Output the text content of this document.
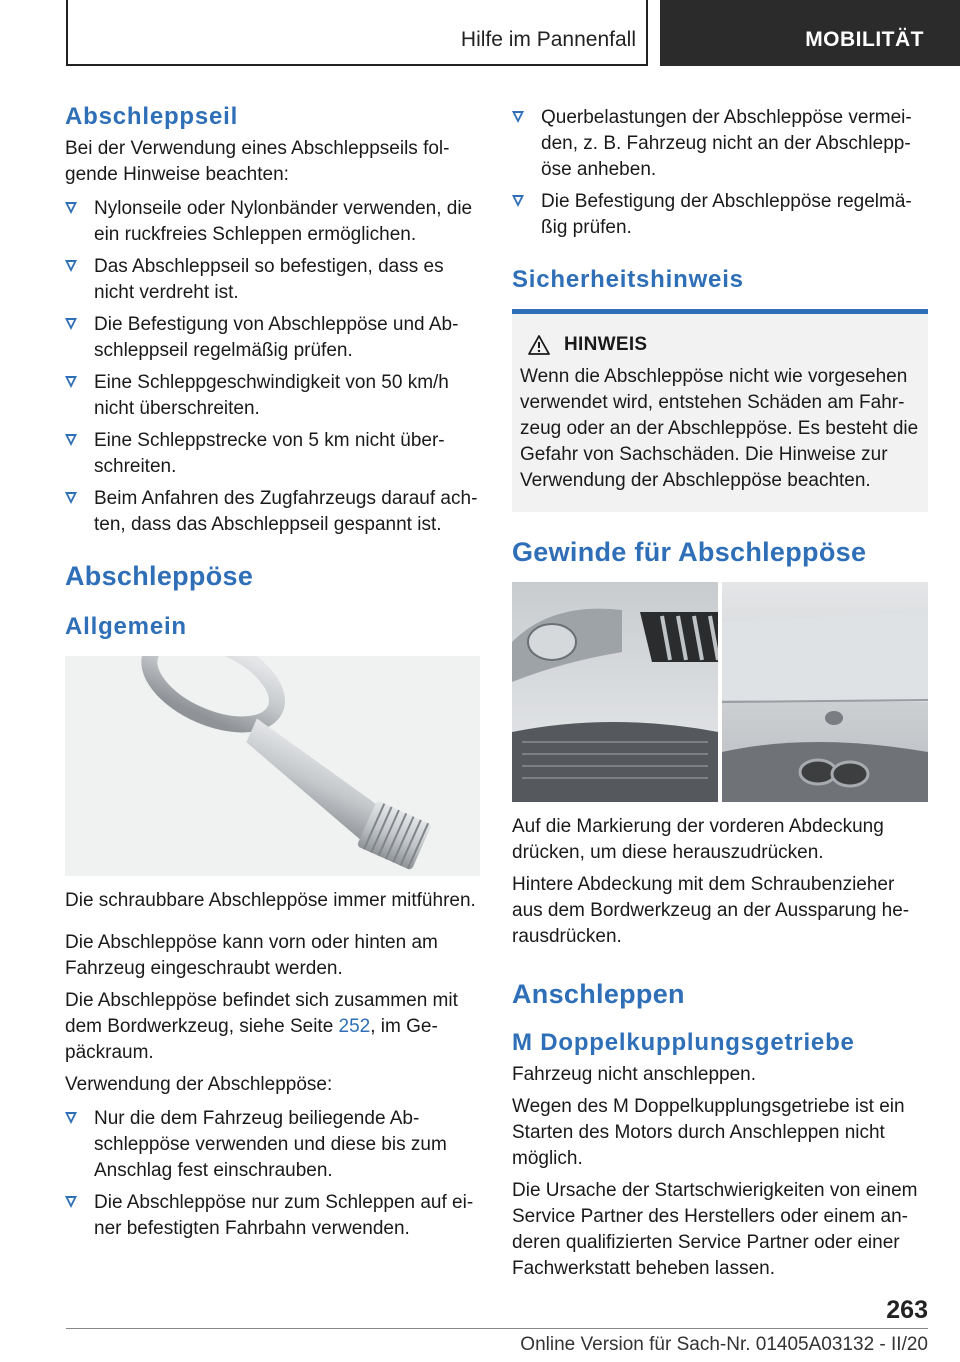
Hilfe im Pannenfall	MOBILITÄT
Abschleppseil

Bei der Verwendung eines Abschleppseils fol-gende Hinweise beachten:

Nylonseile oder Nylonbänder verwenden, die ein ruckfreies Schleppen ermöglichen.
Das Abschleppseil so befestigen, dass es nicht verdreht ist.
Die Befestigung von Abschleppöse und Ab-schleppseil regelmäßig prüfen.
Eine Schleppgeschwindigkeit von 50 km/h nicht überschreiten.
Eine Schleppstrecke von 5 km nicht über-schreiten.
Beim Anfahren des Zugfahrzeugs darauf ach-ten, dass das Abschleppseil gespannt ist.
Abschleppöse
Allgemein

Die schraubbare Abschleppöse immer mitführen.

Die Abschleppöse kann vorn oder hinten am Fahrzeug eingeschraubt werden.

Die Abschleppöse befindet sich zusammen mit dem Bordwerkzeug, siehe Seite 252, im Ge-päckraum.

Verwendung der Abschleppöse:

Nur die dem Fahrzeug beiliegende Ab-schleppöse verwenden und diese bis zum Anschlag fest einschrauben.
Die Abschleppöse nur zum Schleppen auf ei-ner befestigten Fahrbahn verwenden.
Querbelastungen der Abschleppöse vermei-den, z. B. Fahrzeug nicht an der Abschlepp-öse anheben.
Die Befestigung der Abschleppöse regelmä-ßig prüfen.
Sicherheitshinweis
HINWEIS

Wenn die Abschleppöse nicht wie vorgesehen verwendet wird, entstehen Schäden am Fahr-zeug oder an der Abschleppöse. Es besteht die Gefahr von Sachschäden. Die Hinweise zur Verwendung der Abschleppöse beachten.

Gewinde für Abschleppöse

Auf die Markierung der vorderen Abdeckung drücken, um diese herauszudrücken.

Hintere Abdeckung mit dem Schraubenzieher aus dem Bordwerkzeug an der Aussparung he-rausdrücken.

Anschleppen
M Doppelkupplungsgetriebe

Fahrzeug nicht anschleppen.

Wegen des M Doppelkupplungsgetriebe ist ein Starten des Motors durch Anschleppen nicht möglich.

Die Ursache der Startschwierigkeiten von einem Service Partner des Herstellers oder einem an-deren qualifizierten Service Partner oder einer Fachwerkstatt beheben lassen.

263
Online Version für Sach-Nr. 01405A03132 - II/20
